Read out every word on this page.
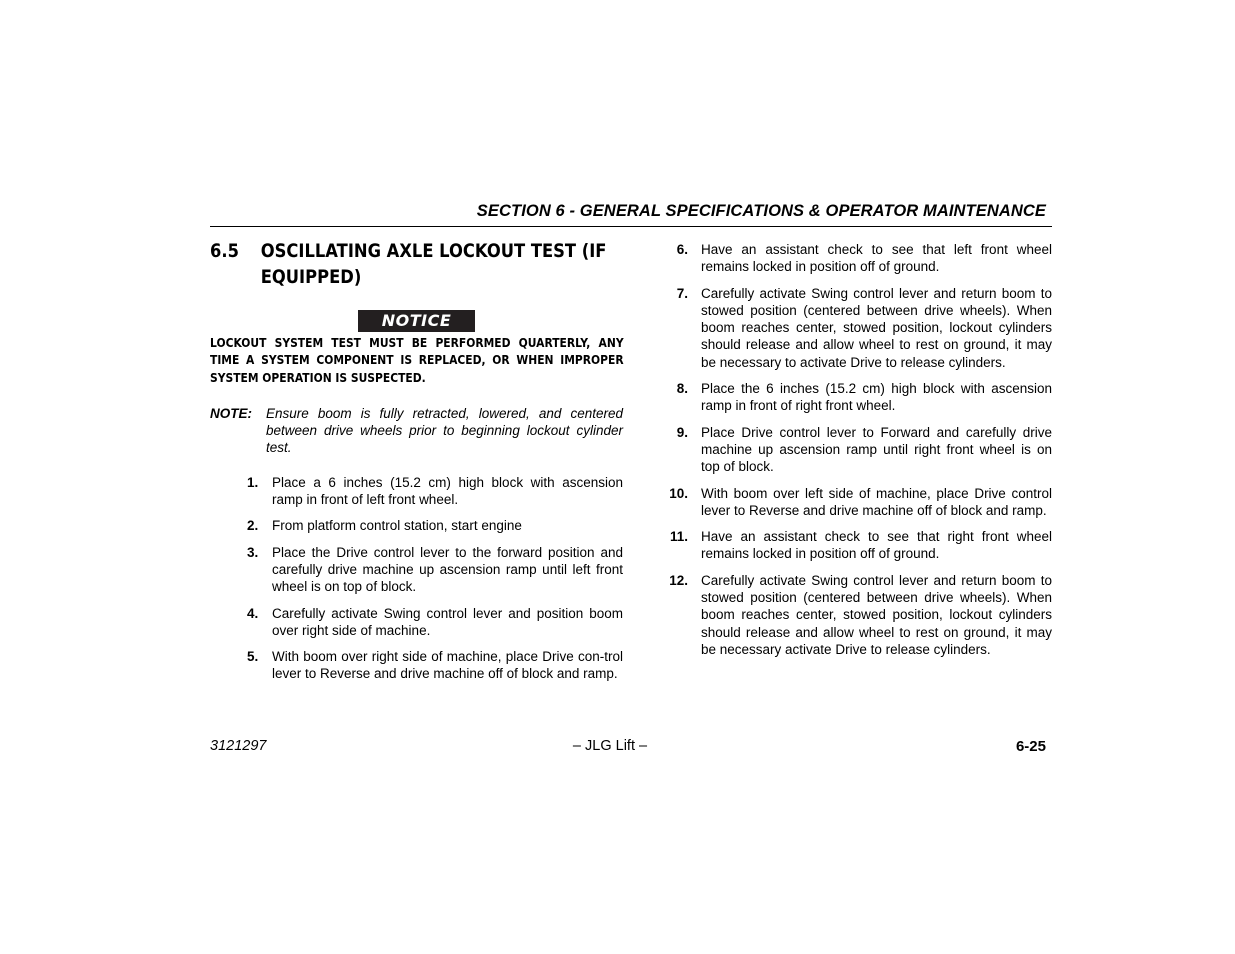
SECTION 6 - GENERAL SPECIFICATIONS & OPERATOR MAINTENANCE
6.5	OSCILLATING AXLE LOCKOUT TEST (IF EQUIPPED)
NOTICE
LOCKOUT SYSTEM TEST MUST BE PERFORMED QUARTERLY, ANY TIME A SYSTEM COMPONENT IS REPLACED, OR WHEN IMPROPER SYSTEM OPERATION IS SUSPECTED.
NOTE:	Ensure boom is fully retracted, lowered, and centered between drive wheels prior to beginning lockout cylinder test.
1.	Place a 6 inches (15.2 cm) high block with ascension ramp in front of left front wheel.
2.	From platform control station, start engine
3.	Place the Drive control lever to the forward position and carefully drive machine up ascension ramp until left front wheel is on top of block.
4.	Carefully activate Swing control lever and position boom over right side of machine.
5.	With boom over right side of machine, place Drive con-trol lever to Reverse and drive machine off of block and ramp.
6. Have an assistant check to see that left front wheel remains locked in position off of ground.
7. Carefully activate Swing control lever and return boom to stowed position (centered between drive wheels). When boom reaches center, stowed position, lockout cylinders should release and allow wheel to rest on ground, it may be necessary to activate Drive to release cylinders.
8. Place the 6 inches (15.2 cm) high block with ascension ramp in front of right front wheel.
9. Place Drive control lever to Forward and carefully drive machine up ascension ramp until right front wheel is on top of block.
10. With boom over left side of machine, place Drive control lever to Reverse and drive machine off of block and ramp.
11. Have an assistant check to see that right front wheel remains locked in position off of ground.
12. Carefully activate Swing control lever and return boom to stowed position (centered between drive wheels). When boom reaches center, stowed position, lockout cylinders should release and allow wheel to rest on ground, it may be necessary activate Drive to release cylinders.
3121297	– JLG Lift –	6-25
